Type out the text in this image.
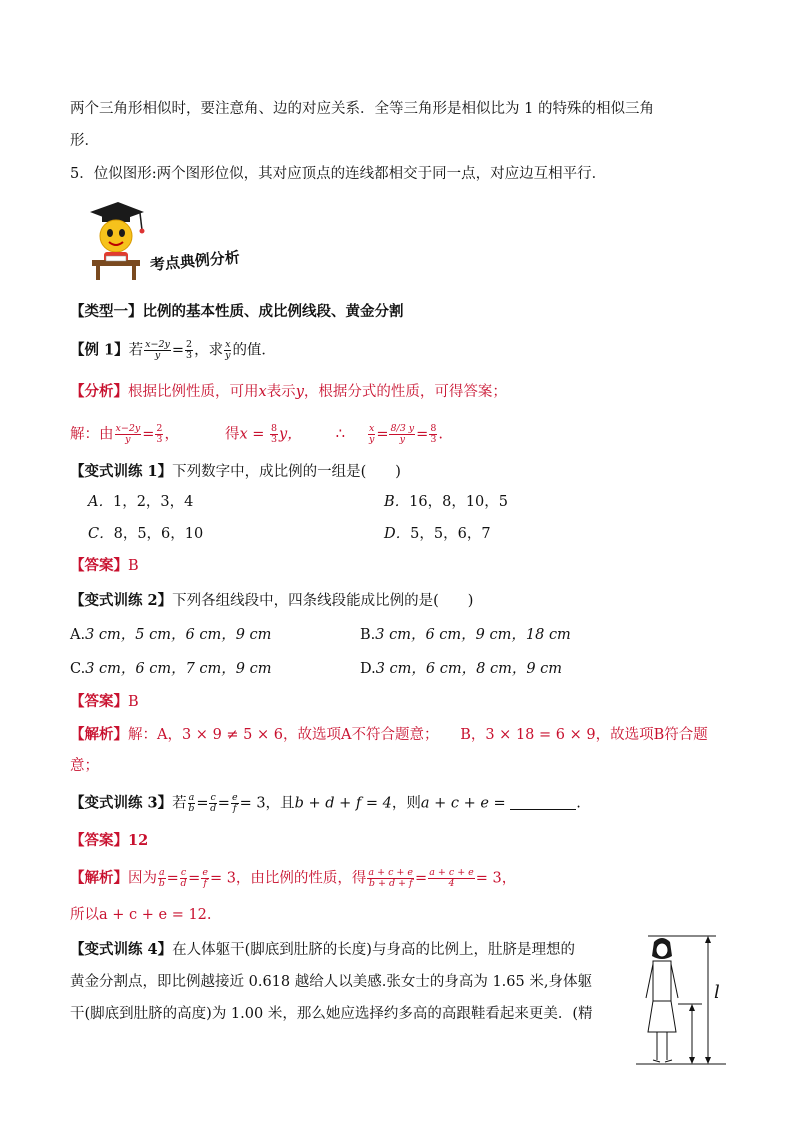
两个三角形相似时，要注意角、边的对应关系．全等三角形是相似比为 1 的特殊的相似三角
形．
5．位似图形:两个图形位似，其对应顶点的连线都相交于同一点，对应边互相平行．
考点典例分析
【类型一】比例的基本性质、成比例线段、黄金分割
【例 1】若 $\frac{x-2y}{y} = \frac{2}{3}$ ，求 $\frac{x}{y}$ 的值．
【分析】根据比例性质，可用x表示y，根据分式的性质，可得答案；
解：由 $\frac{x-2y}{y} = \frac{2}{3}$ ，	得$x = \frac{8}{3}$ y， ∴ $\frac{x}{y} = \frac{8/3 y}{y} = \frac{8}{3}$ .
【变式训练 1】下列数字中，成比例的一组是(　　)
A．1，2，3，4	B．16，8，10，5
C．8，5，6，10	D．5，5，6，7
【答案】B
【变式训练 2】下列各组线段中，四条线段能成比例的是(　　)
A.3 cm，5 cm，6 cm，9 cm	B.3 cm，6 cm，9 cm，18 cm
C.3 cm，6 cm，7 cm，9 cm	D.3 cm，6 cm，8 cm，9 cm
【答案】B
【解析】解：A，3 × 9 ≠ 5 × 6，故选项A不符合题意；　　B，3 × 18 = 6 × 9，故选项B符合题
意；
【变式训练 3】若 $\frac{a}{b} = \frac{c}{d} = \frac{e}{f} = 3$，且b + d + f = 4，则a + c + e =	.
【答案】12
【解析】因为 $\frac{a}{b} = \frac{c}{d} = \frac{e}{f} = 3$，由比例的性质，得 $\frac{a + c + e}{b + d + f} = \frac{a + c + e}{4} = 3$，
所以a + c + e = 12.
【变式训练 4】在人体躯干(脚底到肚脐的长度)与身高的比例上，肚脐是理想的
黄金分割点，即比例越接近 0.618 越给人以美感.张女士的身高为 1.65 米,身体躯
干(脚底到肚脐的高度)为 1.00 米，那么她应选择约多高的高跟鞋看起来更美．(精
l
